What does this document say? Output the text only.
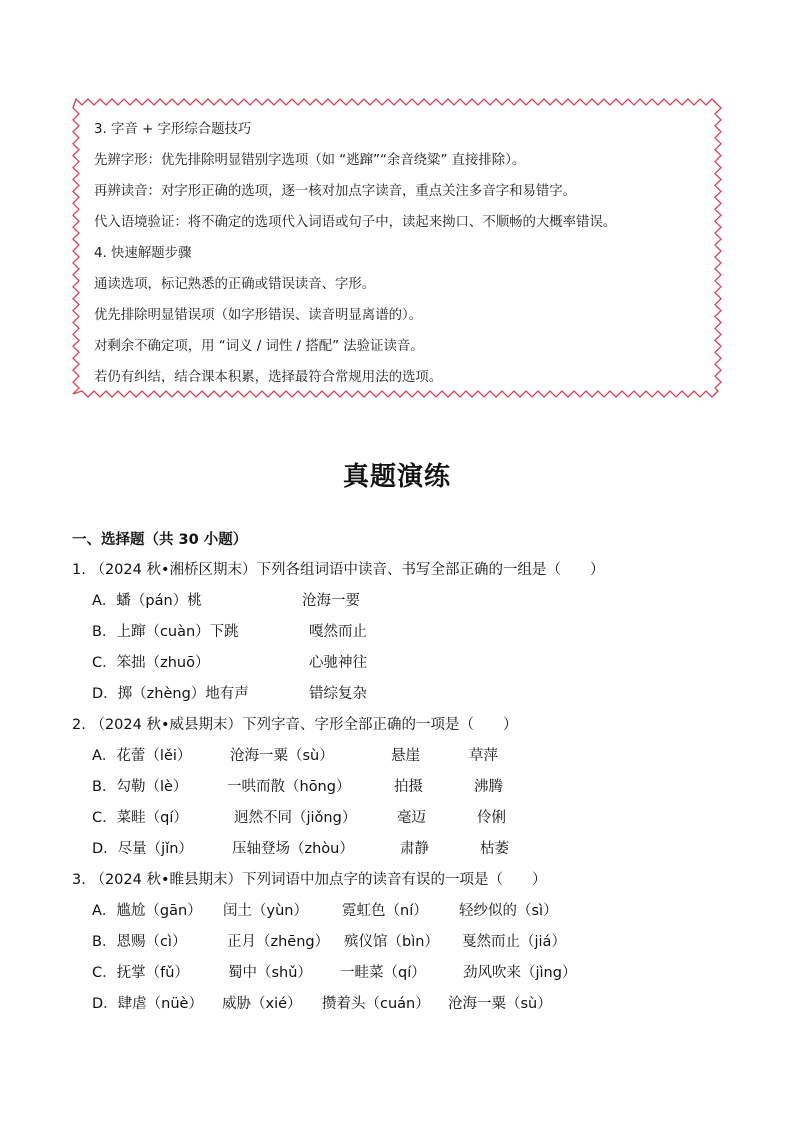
3. 字音 + 字形综合题技巧
先辨字形：优先排除明显错别字选项（如 “逃蹿”“余音绕粱” 直接排除）。
再辨读音：对字形正确的选项，逐一核对加点字读音，重点关注多音字和易错字。
代入语境验证：将不确定的选项代入词语或句子中，读起来拗口、不顺畅的大概率错误。
4. 快速解题步骤
通读选项，标记熟悉的正确或错误读音、字形。
优先排除明显错误项（如字形错误、读音明显离谱的）。
对剩余不确定项，用 “词义 / 词性 / 搭配” 法验证读音。
若仍有纠结，结合课本积累，选择最符合常规用法的选项。
真题演练
一、选择题（共 30 小题）
1. （2024 秋•湘桥区期末）下列各组词语中读音、书写全部正确的一组是（　　）
A．蟠（pán）桃	沧海一要
B．上蹿（cuàn）下跳	嘎然而止
C．笨拙（zhuō）	心驰神往
D．掷（zhèng）地有声	错综复杂
2. （2024 秋•威县期末）下列字音、字形全部正确的一项是（　　）
A．花蕾（lěi）	沧海一粟（sù）	悬崖	草萍
B．勾勒（lè）	一哄而散（hōng）	拍摄	沸腾
C．菜畦（qí）	迥然不同（jiǒng）	毫迈	伶俐
D．尽量（jǐn）	压轴登场（zhòu）	肃静	枯萎
3. （2024 秋•睢县期末）下列词语中加点字的读音有误的一项是（　　）
A．尴尬（gān） 闰土（yùn） 霓虹色（ní） 轻纱似的（sì）
B．恩赐（cì）	正月（zhēng） 殡仪馆（bìn） 戛然而止（jiá）
C．抚掌（fǔ）	蜀中（shǔ） 一畦菜（qí）	劲风吹来（jìng）
D．肆虐（nüè） 威胁（xié） 攒着头（cuán） 沧海一粟（sù）
